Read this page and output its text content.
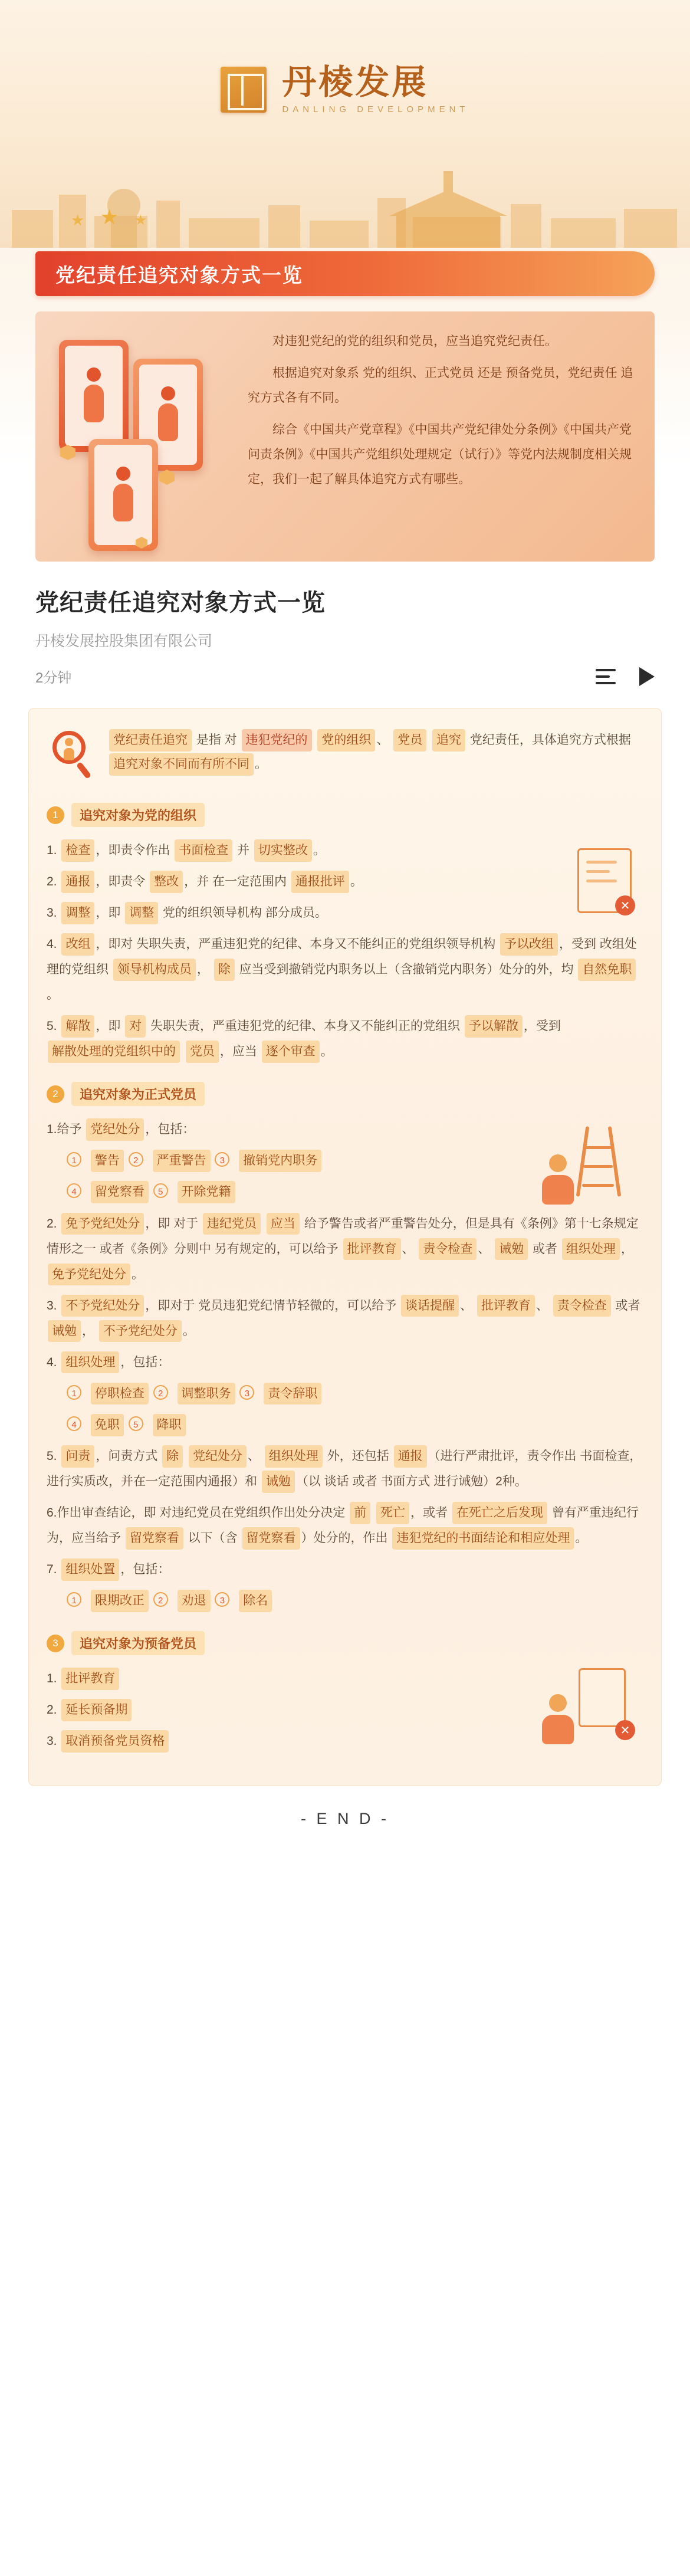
丹棱发展
DANLING DEVELOPMENT
★ ★ ★
党纪责任追究对象方式一览

对违犯党纪的党的组织和党员，应当追究党纪责任。

根据追究对象系 党的组织、正式党员 还是 预备党员，党纪责任 追究方式各有不同。

综合《中国共产党章程》《中国共产党纪律处分条例》《中国共产党问责条例》《中国共产党组织处理规定（试行）》等党内法规制度相关规定，我们一起了解具体追究方式有哪些。

党纪责任追究对象方式一览
丹棱发展控股集团有限公司
2分钟
党纪责任追究 是指 对 违犯党纪的 党的组织 、 党员 追究 党纪责任，具体追究方式根据 追究对象不同而有所不同 。
1	追究对象为党的组织
✕
1. 检查 ，即责令作出 书面检查 并 切实整改 。
2. 通报 ，即责令 整改 ，并 在一定范围内 通报批评 。
3. 调整 ，即 调整 党的组织领导机构 部分成员。
4. 改组 ，即对 失职失责，严重违犯党的纪律、本身又不能纠正的党组织领导机构 予以改组 ，受到 改组处理的党组织 领导机构成员 ， 除 应当受到撤销党内职务以上（含撤销党内职务）处分的外，均 自然免职。
5. 解散 ，即 对 失职失责，严重违犯党的纪律、本身又不能纠正的党组织 予以解散 ，受到 解散处理的党组织中的 党员 ，应当 逐个审查 。
2	追究对象为正式党员
1.给予 党纪处分 ，包括：
1 警告 2 严重警告 3 撤销党内职务
4 留党察看 5 开除党籍
2. 免予党纪处分 ，即 对于 违纪党员 应当 给予警告或者严重警告处分，但是具有《条例》第十七条规定情形之一 或者《条例》分则中 另有规定的，可以给予 批评教育 、 责令检查 、 诫勉 或者 组织处理 ， 免予党纪处分 。
3. 不予党纪处分 ，即对于 党员违犯党纪情节轻微的，可以给予 谈话提醒 、 批评教育 、 责令检查 或者 诫勉 ， 不予党纪处分 。
4. 组织处理 ，包括：
1 停职检查 2 调整职务 3 责令辞职
4 免职 5 降职
5. 问责 ，问责方式 除 党纪处分 、 组织处理 外，还包括 通报 （进行严肃批评，责令作出 书面检查，进行实质改，并在一定范围内通报）和 诫勉 （以 谈话 或者 书面方式 进行诫勉）2种。
6.作出审查结论，即 对违纪党员在党组织作出处分决定 前 死亡 ，或者 在死亡之后发现 曾有严重违纪行为，应当给予 留党察看 以下（含 留党察看 ）处分的，作出 违犯党纪的书面结论和相应处理 。
7. 组织处置 ，包括：
1 限期改正 2 劝退 3 除名
3	追究对象为预备党员
✕
1. 批评教育
2. 延长预备期
3. 取消预备党员资格
- E N D -
